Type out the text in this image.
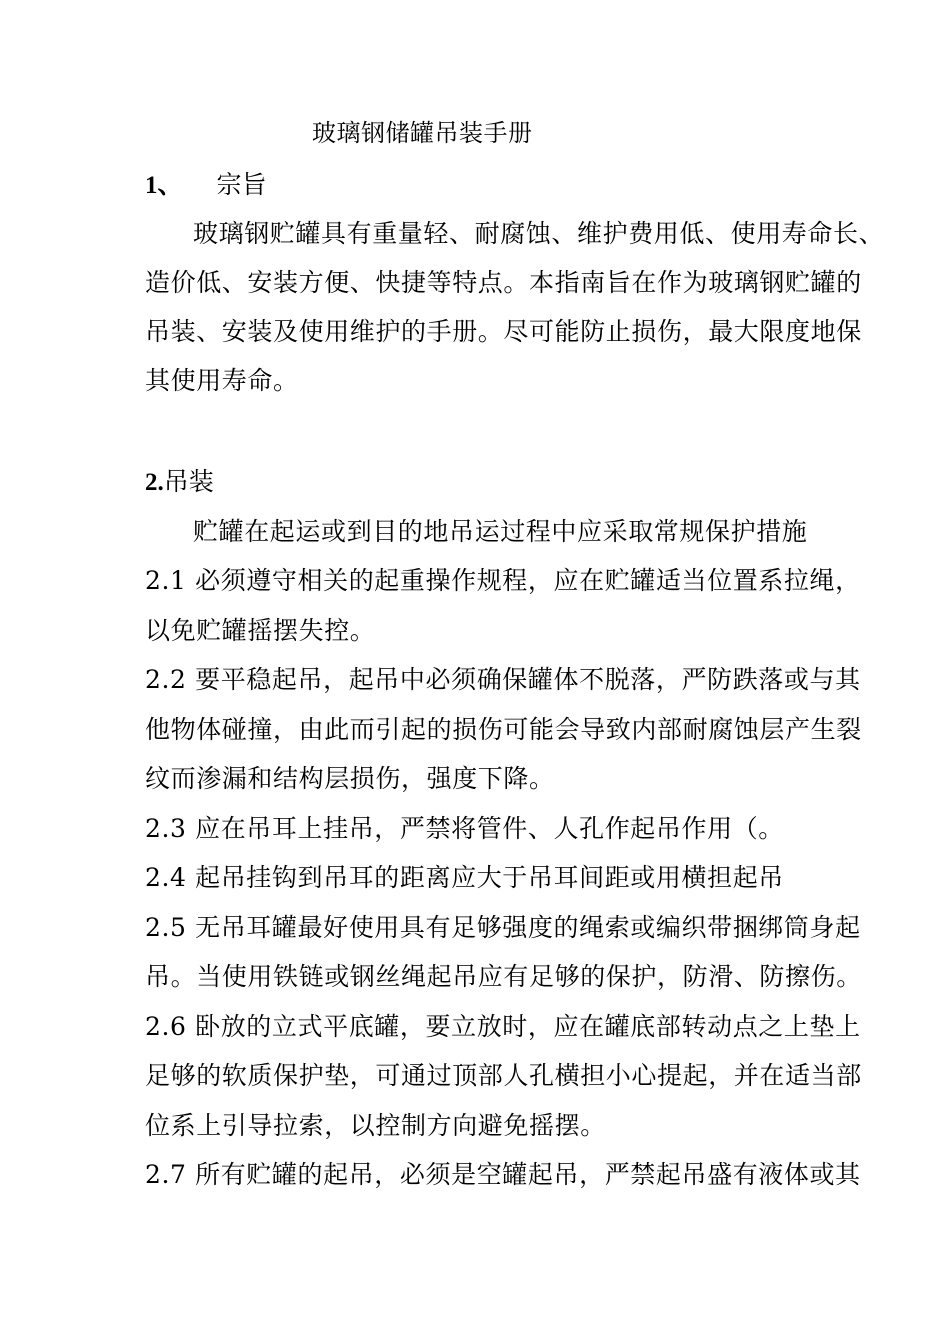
玻璃钢储罐吊装手册
1、 宗旨
玻璃钢贮罐具有重量轻、耐腐蚀、维护费用低、使用寿命长、
造价低、安装方便、快捷等特点。本指南旨在作为玻璃钢贮罐的
吊装、安装及使用维护的手册。尽可能防止损伤，最大限度地保
其使用寿命。
2.吊装
贮罐在起运或到目的地吊运过程中应采取常规保护措施
2.1 必须遵守相关的起重操作规程，应在贮罐适当位置系拉绳，
以免贮罐摇摆失控。
2.2 要平稳起吊，起吊中必须确保罐体不脱落，严防跌落或与其
他物体碰撞，由此而引起的损伤可能会导致内部耐腐蚀层产生裂
纹而渗漏和结构层损伤，强度下降。
2.3 应在吊耳上挂吊，严禁将管件、人孔作起吊作用（。
2.4 起吊挂钩到吊耳的距离应大于吊耳间距或用横担起吊
2.5 无吊耳罐最好使用具有足够强度的绳索或编织带捆绑筒身起
吊。当使用铁链或钢丝绳起吊应有足够的保护，防滑、防擦伤。
2.6 卧放的立式平底罐，要立放时，应在罐底部转动点之上垫上
足够的软质保护垫，可通过顶部人孔横担小心提起，并在适当部
位系上引导拉索，以控制方向避免摇摆。
2.7 所有贮罐的起吊，必须是空罐起吊，严禁起吊盛有液体或其
